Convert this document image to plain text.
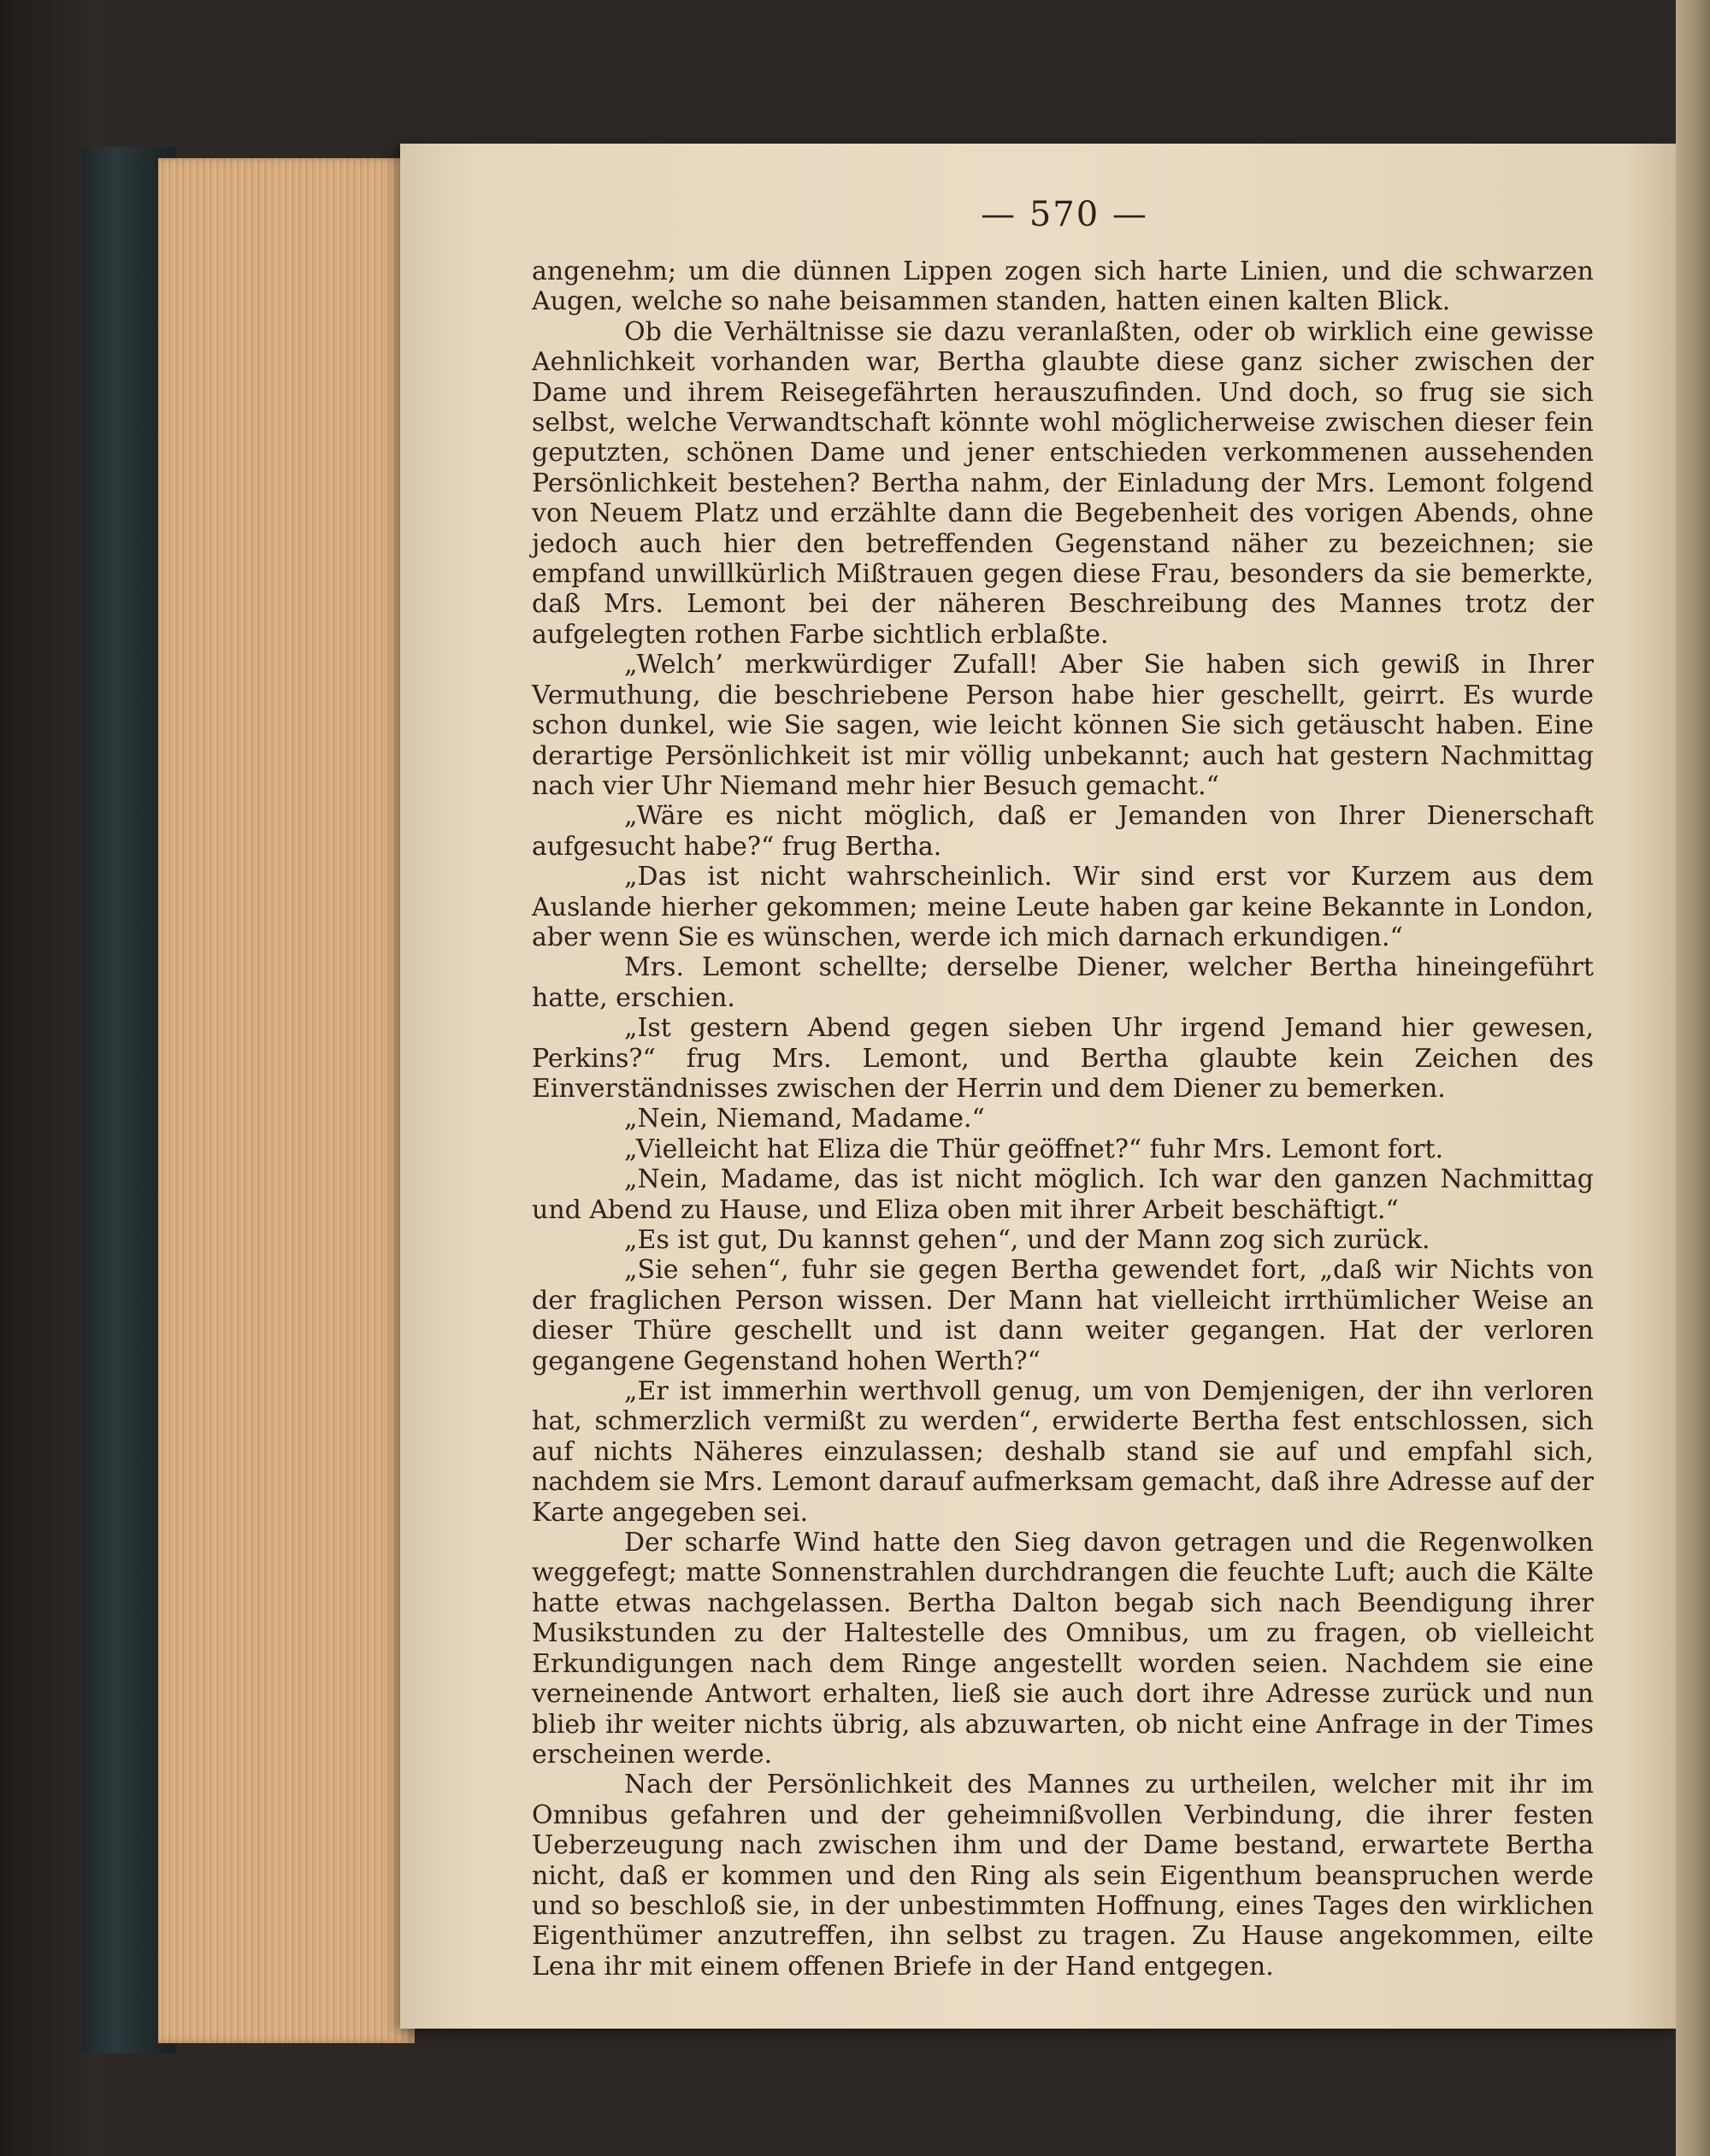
— 570 —

angenehm; um die dünnen Lippen zogen sich harte Linien, und die schwarzen Augen, welche so nahe beisammen standen, hatten einen kalten Blick.

Ob die Verhältnisse sie dazu veranlaßten, oder ob wirklich eine gewisse Aehnlichkeit vorhanden war, Bertha glaubte diese ganz sicher zwischen der Dame und ihrem Reisegefährten herauszufinden. Und doch, so frug sie sich selbst, welche Verwandtschaft könnte wohl möglicherweise zwischen dieser fein geputzten, schönen Dame und jener entschieden verkommenen aussehenden Persönlichkeit bestehen? Bertha nahm, der Einladung der Mrs. Lemont folgend von Neuem Platz und erzählte dann die Begebenheit des vorigen Abends, ohne jedoch auch hier den betreffenden Gegenstand näher zu bezeichnen; sie empfand unwillkürlich Mißtrauen gegen diese Frau, besonders da sie bemerkte, daß Mrs. Lemont bei der näheren Beschreibung des Mannes trotz der aufgelegten rothen Farbe sichtlich erblaßte.

„Welch’ merkwürdiger Zufall! Aber Sie haben sich gewiß in Ihrer Vermuthung, die beschriebene Person habe hier geschellt, geirrt. Es wurde schon dunkel, wie Sie sagen, wie leicht können Sie sich getäuscht haben. Eine derartige Persönlichkeit ist mir völlig unbekannt; auch hat gestern Nachmittag nach vier Uhr Niemand mehr hier Besuch gemacht.“

„Wäre es nicht möglich, daß er Jemanden von Ihrer Dienerschaft aufgesucht habe?“ frug Bertha.

„Das ist nicht wahrscheinlich. Wir sind erst vor Kurzem aus dem Auslande hierher gekommen; meine Leute haben gar keine Bekannte in London, aber wenn Sie es wünschen, werde ich mich darnach erkundigen.“

Mrs. Lemont schellte; derselbe Diener, welcher Bertha hineingeführt hatte, erschien.

„Ist gestern Abend gegen sieben Uhr irgend Jemand hier gewesen, Perkins?“ frug Mrs. Lemont, und Bertha glaubte kein Zeichen des Einverständnisses zwischen der Herrin und dem Diener zu bemerken.

„Nein, Niemand, Madame.“

„Vielleicht hat Eliza die Thür geöffnet?“ fuhr Mrs. Lemont fort.

„Nein, Madame, das ist nicht möglich. Ich war den ganzen Nachmittag und Abend zu Hause, und Eliza oben mit ihrer Arbeit beschäftigt.“

„Es ist gut, Du kannst gehen“, und der Mann zog sich zurück.

„Sie sehen“, fuhr sie gegen Bertha gewendet fort, „daß wir Nichts von der fraglichen Person wissen. Der Mann hat vielleicht irrthümlicher Weise an dieser Thüre geschellt und ist dann weiter gegangen. Hat der verloren gegangene Gegenstand hohen Werth?“

„Er ist immerhin werthvoll genug, um von Demjenigen, der ihn verloren hat, schmerzlich vermißt zu werden“, erwiderte Bertha fest entschlossen, sich auf nichts Näheres einzulassen; deshalb stand sie auf und empfahl sich, nachdem sie Mrs. Lemont darauf aufmerksam gemacht, daß ihre Adresse auf der Karte angegeben sei.

Der scharfe Wind hatte den Sieg davon getragen und die Regenwolken weggefegt; matte Sonnenstrahlen durchdrangen die feuchte Luft; auch die Kälte hatte etwas nachgelassen. Bertha Dalton begab sich nach Beendigung ihrer Musikstunden zu der Haltestelle des Omnibus, um zu fragen, ob vielleicht Erkundigungen nach dem Ringe angestellt worden seien. Nachdem sie eine verneinende Antwort erhalten, ließ sie auch dort ihre Adresse zurück und nun blieb ihr weiter nichts übrig, als abzuwarten, ob nicht eine Anfrage in der Times erscheinen werde.

Nach der Persönlichkeit des Mannes zu urtheilen, welcher mit ihr im Omnibus gefahren und der geheimnißvollen Verbindung, die ihrer festen Ueberzeugung nach zwischen ihm und der Dame bestand, erwartete Bertha nicht, daß er kommen und den Ring als sein Eigenthum beanspruchen werde und so beschloß sie, in der unbestimmten Hoffnung, eines Tages den wirklichen Eigenthümer anzutreffen, ihn selbst zu tragen. Zu Hause angekommen, eilte Lena ihr mit einem offenen Briefe in der Hand entgegen.
